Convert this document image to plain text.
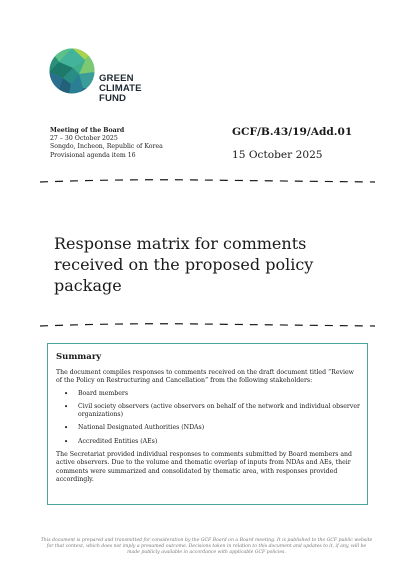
GREEN
CLIMATE
FUND
Meeting of the Board
27 – 30 October 2025
Songdo, Incheon, Republic of Korea
Provisional agenda item 16
GCF/B.43/19/Add.01
15 October 2025
Response matrix for comments received on the proposed policy package
Summary

The document compiles responses to comments received on the draft document titled “Review of the Policy on Restructuring and Cancellation” from the following stakeholders:

• Board members
• Civil society observers (active observers on behalf of the network and individual observer organizations)
• National Designated Authorities (NDAs)
• Accredited Entities (AEs)

The Secretariat provided individual responses to comments submitted by Board members and active observers. Due to the volume and thematic overlap of inputs from NDAs and AEs, their comments were summarized and consolidated by thematic area, with responses provided accordingly.

This document is prepared and transmitted for consideration by the GCF Board on a Board meeting. It is published to the GCF public website for that context, which does not imply a presumed outcome. Decisions taken in relation to this document and updates to it, if any, will be made publicly available in accordance with applicable GCF policies.
